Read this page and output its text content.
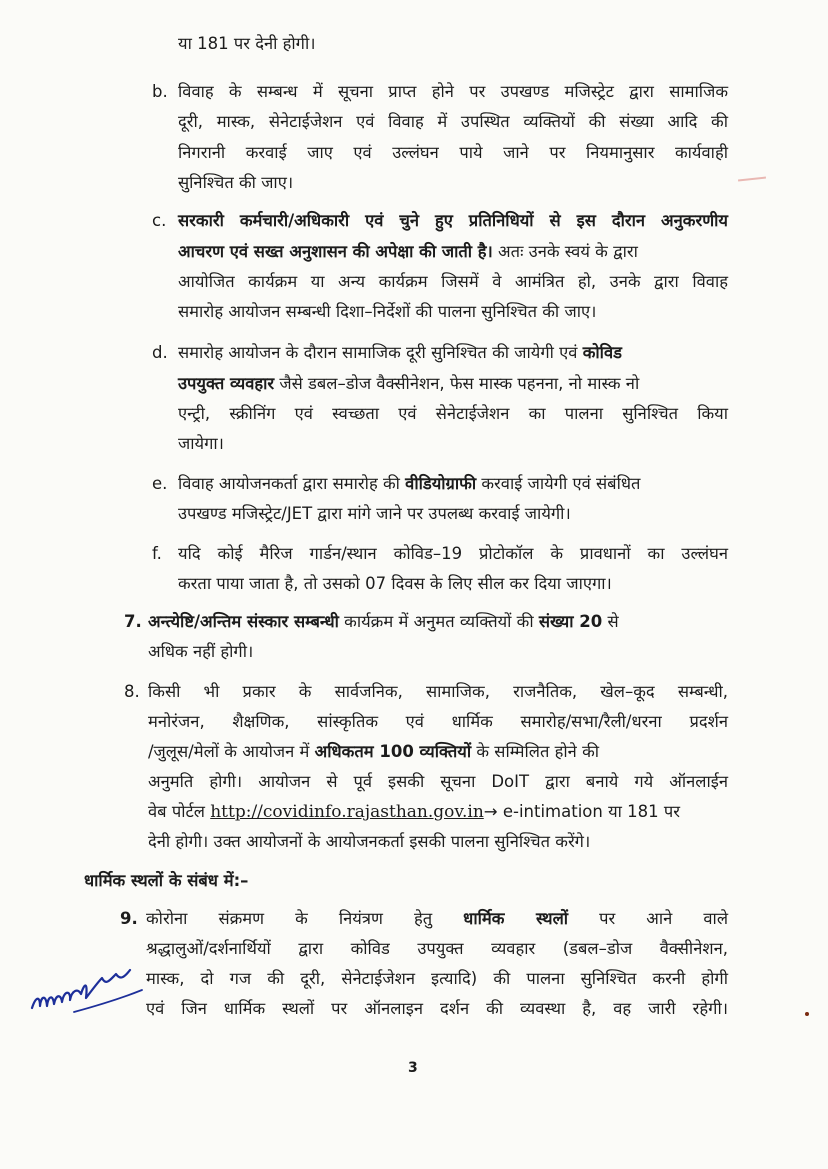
या 181 पर देनी होगी।
b. विवाह के सम्बन्ध में सूचना प्राप्त होने पर उपखण्ड मजिस्ट्रेट द्वारा सामाजिक
दूरी, मास्क, सेनेटाईजेशन एवं विवाह में उपस्थित व्यक्तियों की संख्या आदि की
निगरानी करवाई जाए एवं उल्लंघन पाये जाने पर नियमानुसार कार्यवाही
सुनिश्चित की जाए।
c. सरकारी कर्मचारी/अधिकारी एवं चुने हुए प्रतिनिधियों से इस दौरान अनुकरणीय
आचरण एवं सख्त अनुशासन की अपेक्षा की जाती है। अतः उनके स्वयं के द्वारा
आयोजित कार्यक्रम या अन्य कार्यक्रम जिसमें वे आमंत्रित हो, उनके द्वारा विवाह
समारोह आयोजन सम्बन्धी दिशा–निर्देशों की पालना सुनिश्चित की जाए।
d. समारोह आयोजन के दौरान सामाजिक दूरी सुनिश्चित की जायेगी एवं कोविड
उपयुक्त व्यवहार जैसे डबल–डोज वैक्सीनेशन, फेस मास्क पहनना, नो मास्क नो
एन्ट्री, स्क्रीनिंग एवं स्वच्छता एवं सेनेटाईजेशन का पालना सुनिश्चित किया
जायेगा।
e. विवाह आयोजनकर्ता द्वारा समारोह की वीडियोग्राफी करवाई जायेगी एवं संबंधित
उपखण्ड मजिस्ट्रेट/JET द्वारा मांगे जाने पर उपलब्ध करवाई जायेगी।
f. यदि कोई मैरिज गार्डन/स्थान कोविड–19 प्रोटोकॉल के प्रावधानों का उल्लंघन
करता पाया जाता है, तो उसको 07 दिवस के लिए सील कर दिया जाएगा।
7. अन्त्येष्टि/अन्तिम संस्कार सम्बन्धी कार्यक्रम में अनुमत व्यक्तियों की संख्या 20 से
अधिक नहीं होगी।
8. किसी भी प्रकार के सार्वजनिक, सामाजिक, राजनैतिक, खेल–कूद सम्बन्धी,
मनोरंजन, शैक्षणिक, सांस्कृतिक एवं धार्मिक समारोह/सभा/रैली/धरना प्रदर्शन
/जुलूस/मेलों के आयोजन में अधिकतम 100 व्यक्तियों के सम्मिलित होने की
अनुमति होगी। आयोजन से पूर्व इसकी सूचना DoIT द्वारा बनाये गये ऑनलाईन
वेब पोर्टल http://covidinfo.rajasthan.gov.in→ e-intimation या 181 पर
देनी होगी। उक्त आयोजनों के आयोजनकर्ता इसकी पालना सुनिश्चित करेंगे।
धार्मिक स्थलों के संबंध में:–
9. कोरोना संक्रमण के नियंत्रण हेतु धार्मिक स्थलों पर आने वाले
श्रद्धालुओं/दर्शनार्थियों द्वारा कोविड उपयुक्त व्यवहार (डबल–डोज वैक्सीनेशन,
मास्क, दो गज की दूरी, सेनेटाईजेशन इत्यादि) की पालना सुनिश्चित करनी होगी
एवं जिन धार्मिक स्थलों पर ऑनलाइन दर्शन की व्यवस्था है, वह जारी रहेगी।
3
